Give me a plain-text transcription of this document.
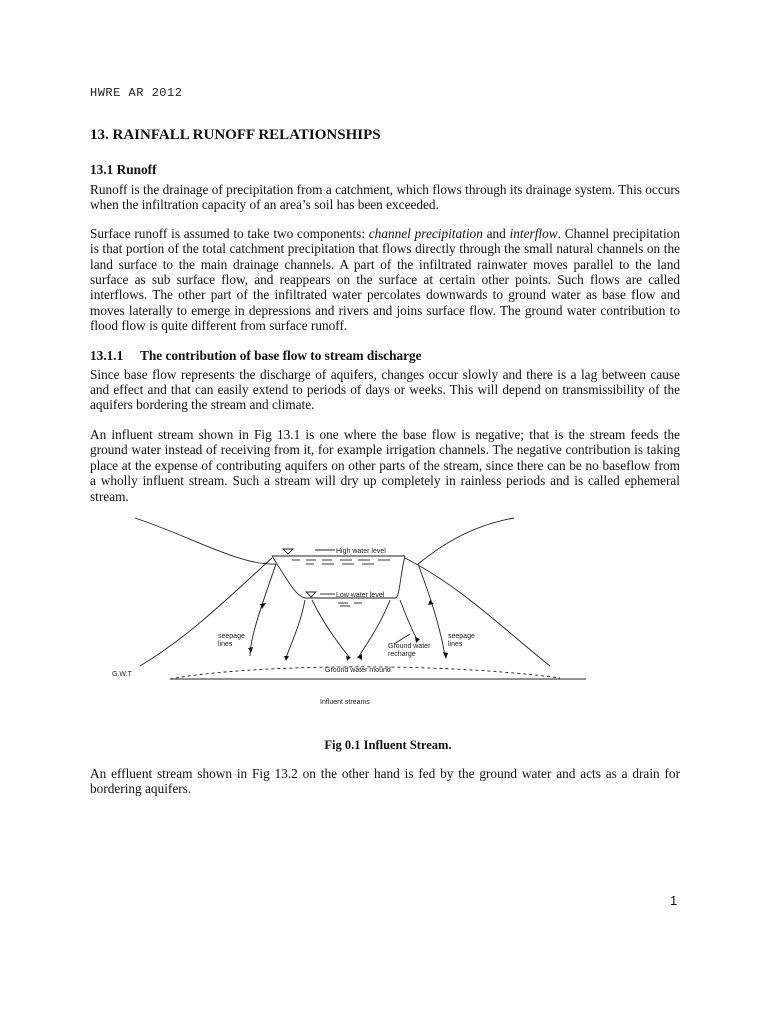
HWRE AR 2012
13. RAINFALL RUNOFF RELATIONSHIPS
13.1 Runoff

Runoff is the drainage of precipitation from a catchment, which flows through its drainage system. This occurs when the infiltration capacity of an area’s soil has been exceeded.

Surface runoff is assumed to take two components: channel precipitation and interflow. Channel precipitation is that portion of the total catchment precipitation that flows directly through the small natural channels on the land surface to the main drainage channels. A part of the infiltrated rainwater moves parallel to the land surface as sub surface flow, and reappears on the surface at certain other points. Such flows are called interflows. The other part of the infiltrated water percolates downwards to ground water as base flow and moves laterally to emerge in depressions and rivers and joins surface flow. The ground water contribution to flood flow is quite different from surface runoff.

13.1.1 The contribution of base flow to stream discharge

Since base flow represents the discharge of aquifers, changes occur slowly and there is a lag between cause and effect and that can easily extend to periods of days or weeks. This will depend on transmissibility of the aquifers bordering the stream and climate.

An influent stream shown in Fig 13.1 is one where the base flow is negative; that is the stream feeds the ground water instead of receiving from it, for example irrigation channels. The negative contribution is taking place at the expense of contributing aquifers on other parts of the stream, since there can be no baseflow from a wholly influent stream. Such a stream will dry up completely in rainless periods and is called ephemeral stream.

High water level
Low water level
seepage
lines
seepage
lines
Ground water
recharge
G.W.T
Ground water mound
Influent streams
Fig 0.1 Influent Stream.

An effluent stream shown in Fig 13.2 on the other hand is fed by the ground water and acts as a drain for bordering aquifers.

1
